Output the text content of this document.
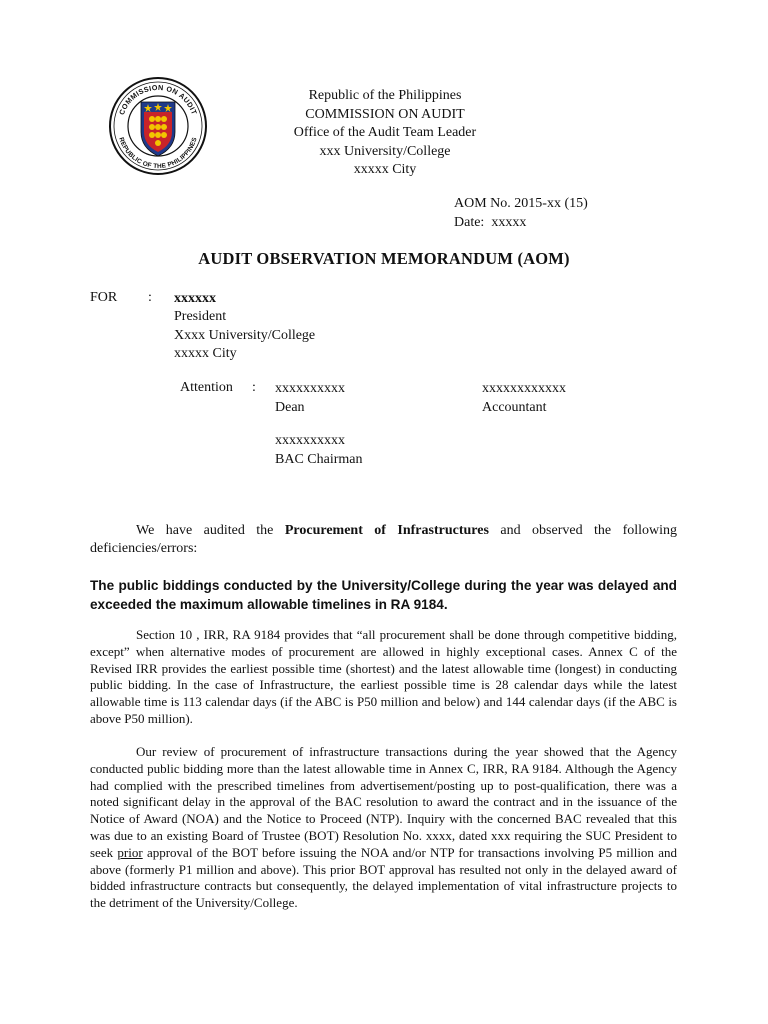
COMMISSION ON AUDIT
REPUBLIC OF THE PHILIPPINES
Republic of the Philippines
COMMISSION ON AUDIT
Office of the Audit Team Leader
xxx University/College
xxxxx City
AOM No. 2015-xx (15)
Date: xxxxx
AUDIT OBSERVATION MEMORANDUM (AOM)
FOR : xxxxxx
President
Xxxx University/College
xxxxx City
Attention : xxxxxxxxxx
Dean
xxxxxxxxxxxx
Accountant
xxxxxxxxxx
BAC Chairman
We have audited the Procurement of Infrastructures and observed the following deficiencies/errors:
The public biddings conducted by the University/College during the year was delayed and exceeded the maximum allowable timelines in RA 9184.
Section 10 , IRR, RA 9184 provides that “all procurement shall be done through competitive bidding, except” when alternative modes of procurement are allowed in highly exceptional cases. Annex C of the Revised IRR provides the earliest possible time (shortest) and the latest allowable time (longest) in conducting public bidding. In the case of Infrastructure, the earliest possible time is 28 calendar days while the latest allowable time is 113 calendar days (if the ABC is P50 million and below) and 144 calendar days (if the ABC is above P50 million).
Our review of procurement of infrastructure transactions during the year showed that the Agency conducted public bidding more than the latest allowable time in Annex C, IRR, RA 9184. Although the Agency had complied with the prescribed timelines from advertisement/posting up to post-qualification, there was a noted significant delay in the approval of the BAC resolution to award the contract and in the issuance of the Notice of Award (NOA) and the Notice to Proceed (NTP). Inquiry with the concerned BAC revealed that this was due to an existing Board of Trustee (BOT) Resolution No. xxxx, dated xxx requiring the SUC President to seek prior approval of the BOT before issuing the NOA and/or NTP for transactions involving P5 million and above (formerly P1 million and above). This prior BOT approval has resulted not only in the delayed award of bidded infrastructure contracts but consequently, the delayed implementation of vital infrastructure projects to the detriment of the University/College.
